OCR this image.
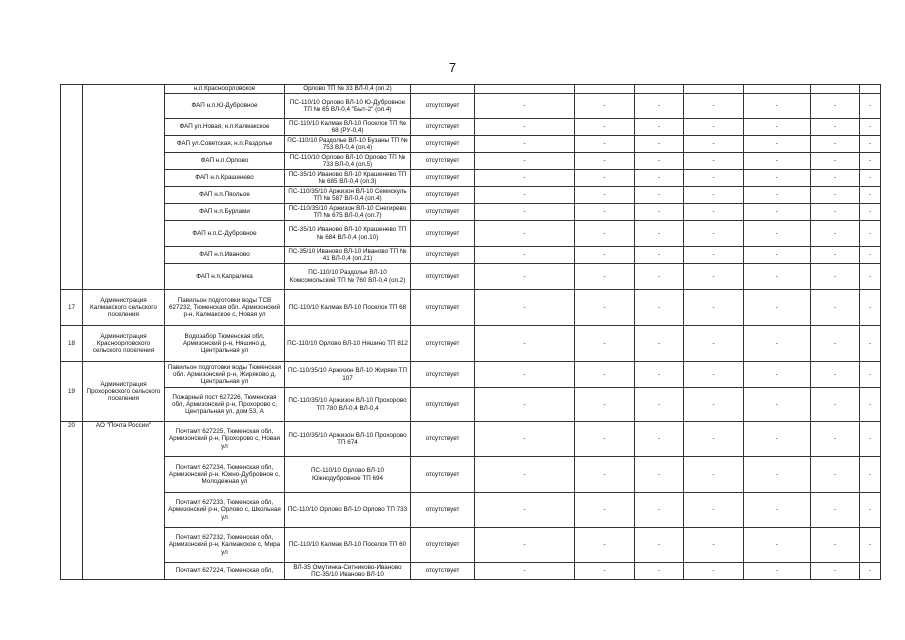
7
		н.п.Красноорловское	Орлово ТП № 33 ВЛ-0,4 (оп.2)								
		ФАП н.п.Ю-Дубровное	ПС-110/10 Орлово ВЛ-10 Ю-Дубровное ТП № 65 ВЛ-0,4 "Быт-2" (оп.4)	отсутствует	-	-	-	-	-	-	-
		ФАП ул.Новая, н.п.Калмакское	ПС-110/10 Калмак ВЛ-10 Поселок ТП № 68 (РУ-0,4)	отсутствует	-	-	-	-	-	-	-
		ФАП ул.Советская, н.п.Раздолье	ПС-110/10 Раздолье ВЛ-10 Бузаны ТП № 753 ВЛ-0,4 (оп.4)	отсутствует	-	-	-	-	-	-	-
		ФАП н.п.Орлово	ПС-110/10 Орлово ВЛ-10 Орлово ТП № 733 ВЛ-0,4 (оп.5)	отсутствует	-	-	-	-	-	-	-
		ФАП н.п.Крашенево	ПС-35/10 Иваново ВЛ-10 Крашенево ТП № 685 ВЛ-0,4 (оп.3)	отсутствует	-	-	-	-	-	-	-
		ФАП н.п.Пяольое	ПС-110/35/10 Аржизон ВЛ-10 Семискуль ТП № 587 ВЛ-0,4 (оп.4)	отсутствует	-	-	-	-	-	-	-
		ФАП н.п.Бурлами	ПС-110/35/10 Аржизон ВЛ-10 Снегирево ТП № 675 ВЛ-0,4 (оп.7)	отсутствует	-	-	-	-	-	-	-
		ФАП н.п.С-Дубровное	ПС-35/10 Иваново ВЛ-10 Крашенево ТП № 684 ВЛ-0,4 (оп.10)	отсутствует	-	-	-	-	-	-	-
		ФАП н.п.Иваново	ПС-35/10 Иваново ВЛ-10 Иваново ТП № 41 ВЛ-0,4 (оп.21)	отсутствует	-	-	-	-	-	-	-
		ФАП н.п.Капралика	ПС-110/10 Раздолье ВЛ-10 Комсомольский ТП № 760 ВЛ-0,4 (оп.2)	отсутствует	-	-	-	-	-	-	-
17	Администрация Калмакского сельского поселения	Павильон подготовки воды ТСВ 627232, Тюменская обл. Армизонский р-н, Калмакское с, Новая ул	ПС-110/10 Калмак ВЛ-10 Поселок ТП 68	отсутствует	-	-	-	-	-	-	-
18	Администрация Красноорловского сельского поселения	Водозабор Тюменская обл, Армизонский р-н, Няшино д, Центральная ул	ПС-110/10 Орлово ВЛ-10 Няшино ТП 812	отсутствует	-	-	-	-	-	-	-
19	Администрация Прохоровского сельского поселения	Павильон подготовки воды Тюменская обл. Армизонский р-н, Жиряково д, Центральная ул	ПС-110/35/10 Аржизон ВЛ-10 Жиряки ТП 107	отсутствует	-	-	-	-	-	-	-
		Пожарный пост 627226, Тюменская обл, Армизонский р-н, Прохорово с, Центральная ул, дом 53, А	ПС-110/35/10 Аржизон ВЛ-10 Прохорово ТП 780 ВЛ-0,4 ВЛ-0,4	отсутствует	-	-	-	-	-	-	-
20	АО "Почта России"	Почтамт 627225, Тюменская обл, Армизонский р-н, Прохорово с, Новая ул	ПС-110/35/10 Аржизон ВЛ-10 Прохорово ТП 674	отсутствует	-	-	-	-	-	-	-
		Почтамт 627234, Тюменская обл, Армизонский р-н, Южно-Дубровное с, Молодежная ул	ПС-110/10 Орлово ВЛ-10 Южнодубровное ТП 694	отсутствует	-	-	-	-	-	-	-
		Почтамт 627233, Тюменская обл, Армизонский р-н, Орлово с, Школьная ул	ПС-110/10 Орлово ВЛ-10 Орлово ТП 733	отсутствует	-	-	-	-	-	-	-
		Почтамт 627232, Тюменская обл, Армизонский р-н, Калмакское с, Мира ул	ПС-110/10 Калмак ВЛ-10 Поселок ТП 60	отсутствует	-	-	-	-	-	-	-
		Почтамт 627224, Тюменская обл,	ВЛ-35 Омутинка-Ситниково-Иваново ПС-35/10 Иваново ВЛ-10	отсутствует	-	-	-	-	-	-	-
